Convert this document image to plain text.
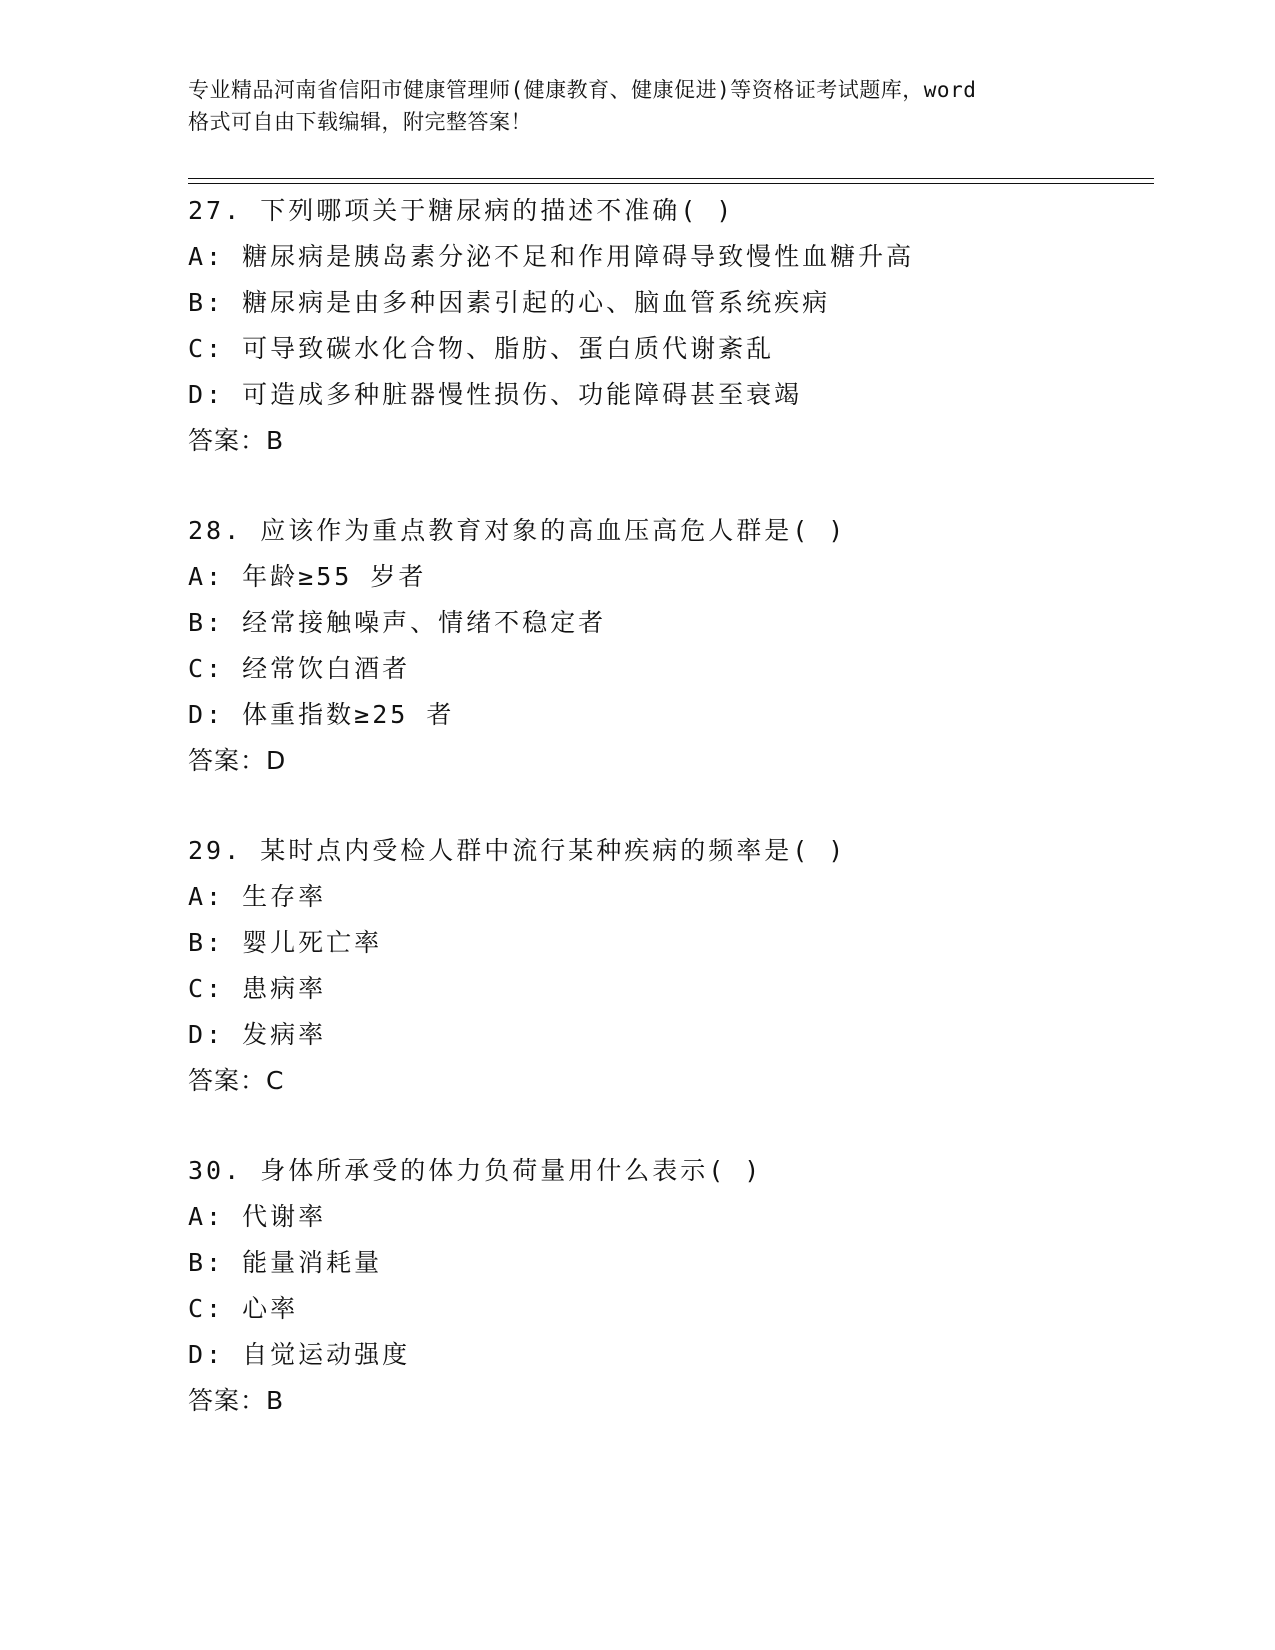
专业精品河南省信阳市健康管理师(健康教育、健康促进)等资格证考试题库，word
格式可自由下载编辑，附完整答案！
27. 下列哪项关于糖尿病的描述不准确( )
A: 糖尿病是胰岛素分泌不足和作用障碍导致慢性血糖升高
B: 糖尿病是由多种因素引起的心、脑血管系统疾病
C: 可导致碳水化合物、脂肪、蛋白质代谢紊乱
D: 可造成多种脏器慢性损伤、功能障碍甚至衰竭
答案：B
28. 应该作为重点教育对象的高血压高危人群是( )
A: 年龄≥55 岁者
B: 经常接触噪声、情绪不稳定者
C: 经常饮白酒者
D: 体重指数≥25 者
答案：D
29. 某时点内受检人群中流行某种疾病的频率是( )
A: 生存率
B: 婴儿死亡率
C: 患病率
D: 发病率
答案：C
30. 身体所承受的体力负荷量用什么表示( )
A: 代谢率
B: 能量消耗量
C: 心率
D: 自觉运动强度
答案：B
